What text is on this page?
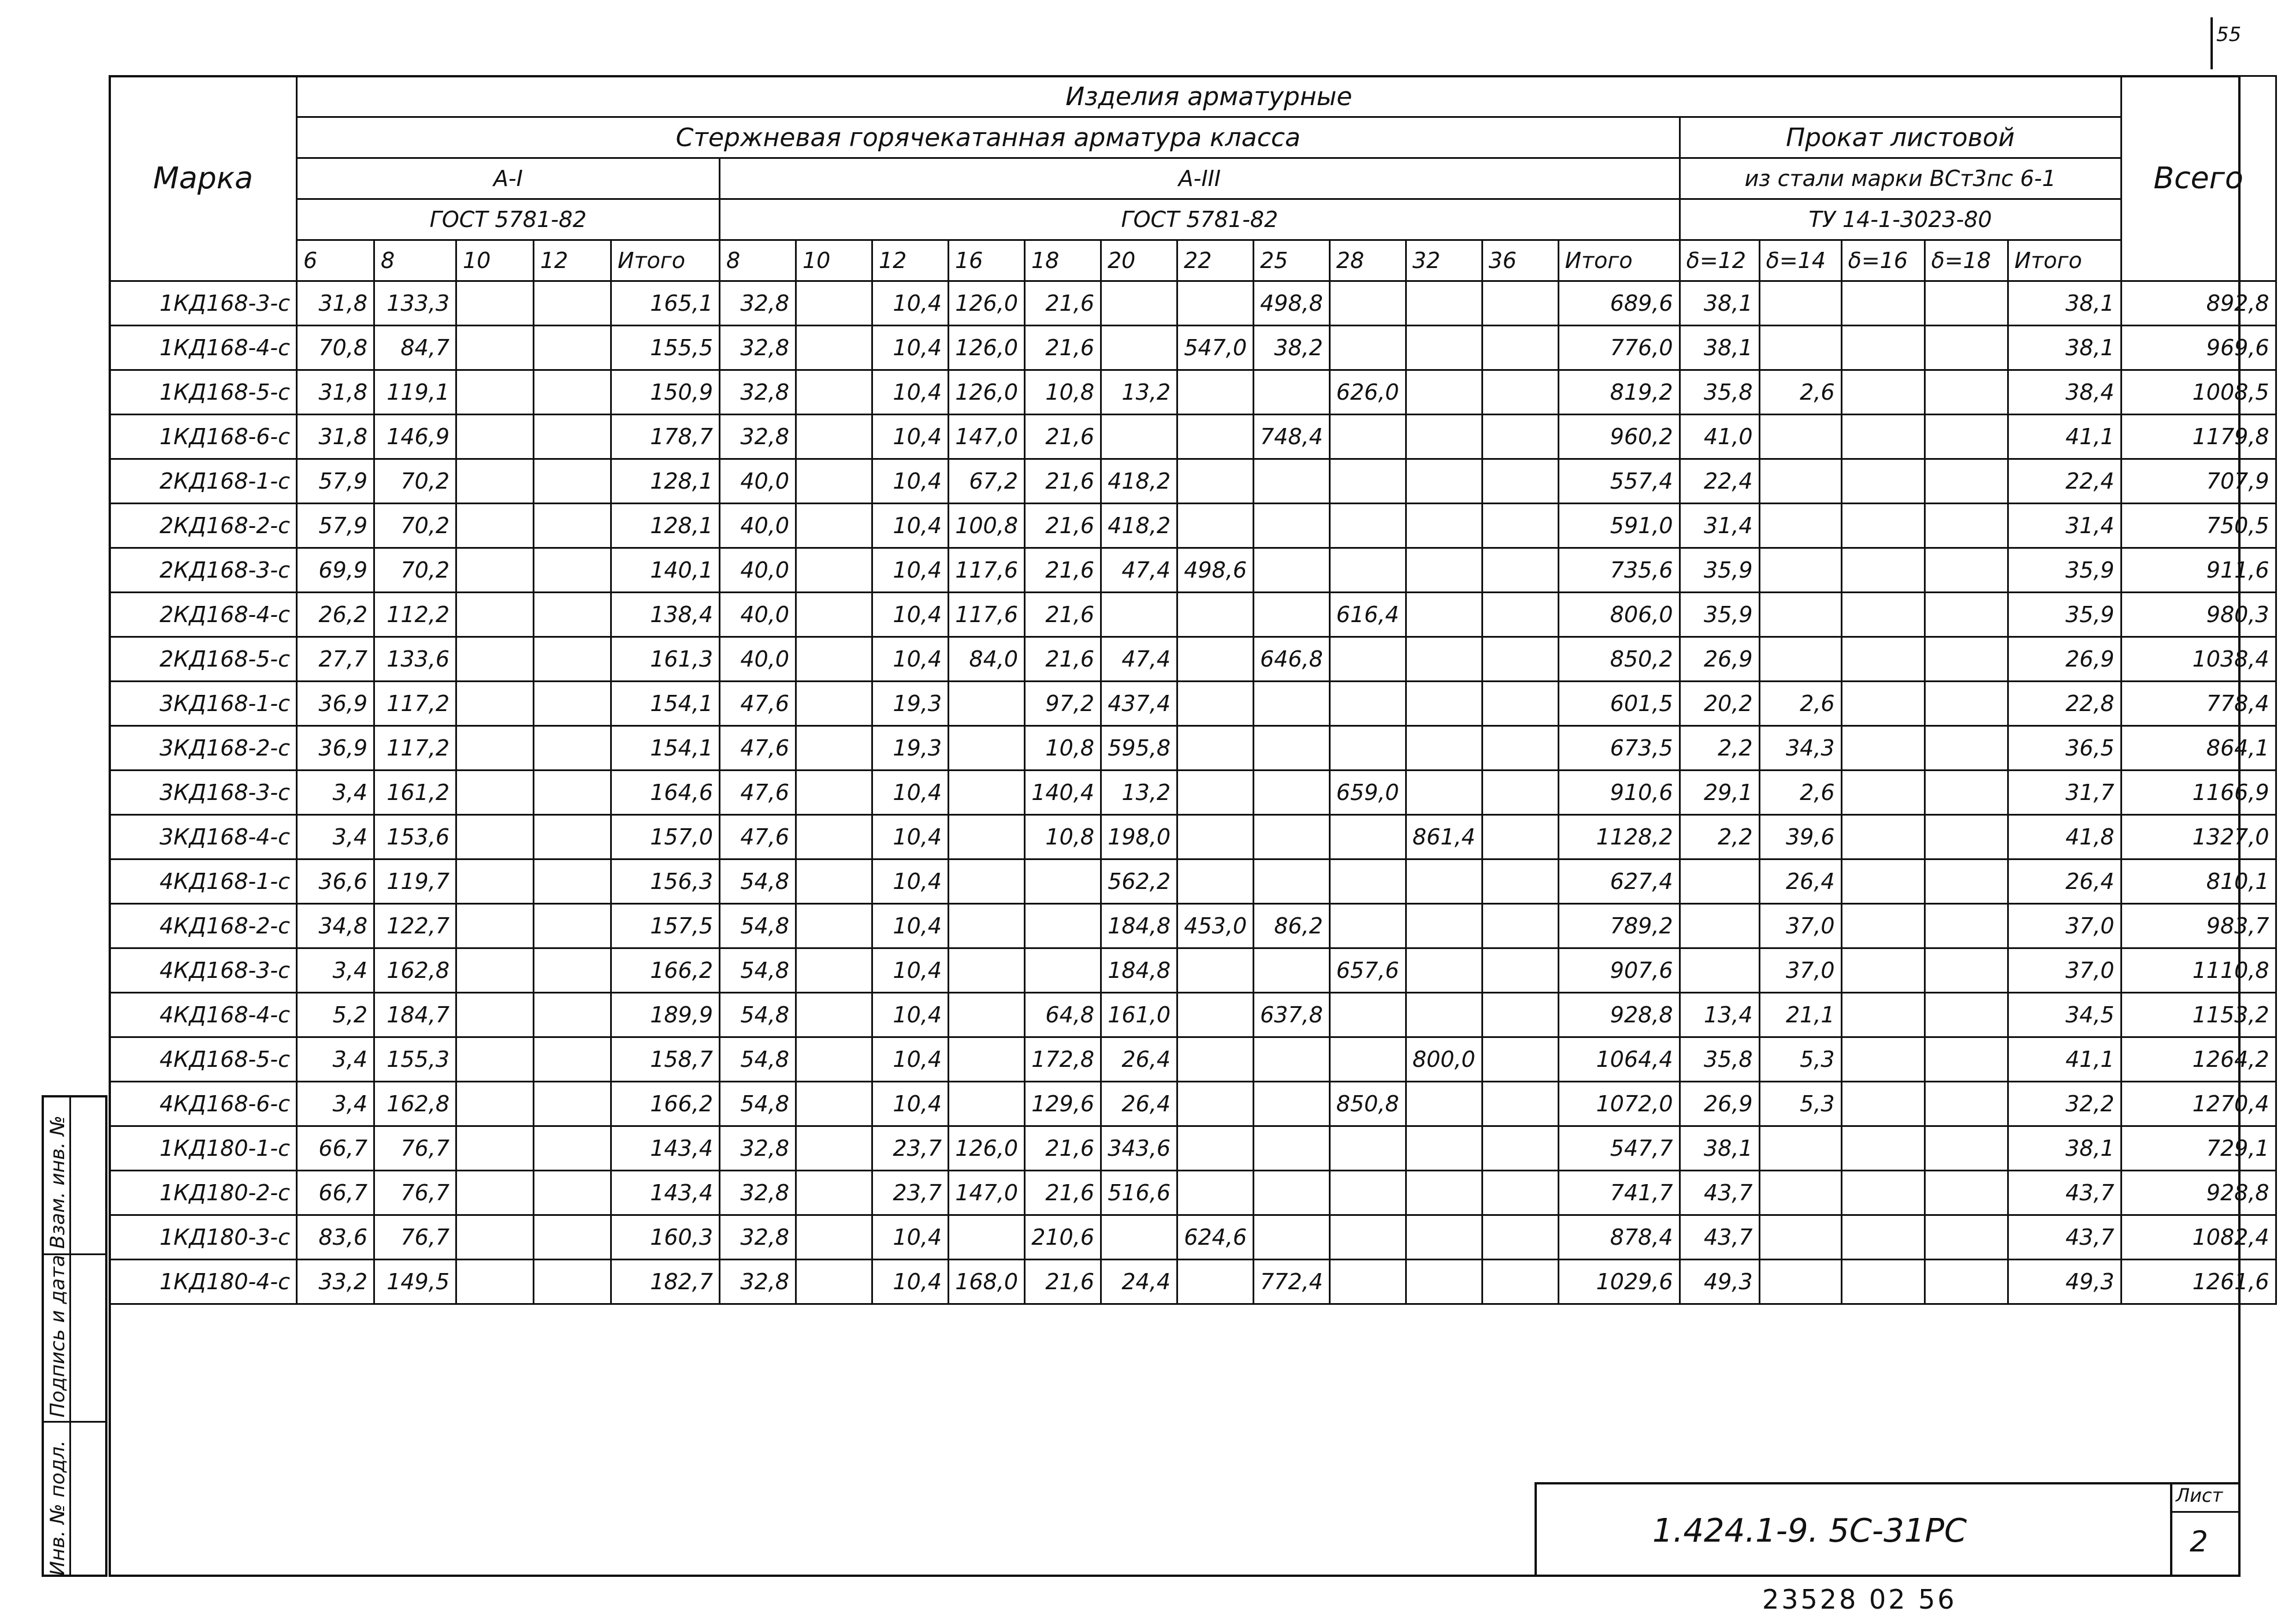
55
Марка	Изделия арматурные																						Всего
	Стержневая горячекатанная арматура класса																	Прокат листовой					
	А-I					А-III												из стали марки ВСт3пс 6-1					
	ГОСТ 5781-82					ГОСТ 5781-82												ТУ 14-1-3023-80					
	6	8	10	12	Итого	8	10	12	16	18	20	22	25	28	32	36	Итого	δ=12	δ=14	δ=16	δ=18	Итого	
1КД168-3-с	31,8	133,3			165,1	32,8		10,4	126,0	21,6			498,8				689,6	38,1				38,1	892,8
1КД168-4-с	70,8	84,7			155,5	32,8		10,4	126,0	21,6		547,0	38,2				776,0	38,1				38,1	969,6
1КД168-5-с	31,8	119,1			150,9	32,8		10,4	126,0	10,8	13,2			626,0			819,2	35,8	2,6			38,4	1008,5
1КД168-6-с	31,8	146,9			178,7	32,8		10,4	147,0	21,6			748,4				960,2	41,0				41,1	1179,8
2КД168-1-с	57,9	70,2			128,1	40,0		10,4	67,2	21,6	418,2						557,4	22,4				22,4	707,9
2КД168-2-с	57,9	70,2			128,1	40,0		10,4	100,8	21,6	418,2						591,0	31,4				31,4	750,5
2КД168-3-с	69,9	70,2			140,1	40,0		10,4	117,6	21,6	47,4	498,6					735,6	35,9				35,9	911,6
2КД168-4-с	26,2	112,2			138,4	40,0		10,4	117,6	21,6				616,4			806,0	35,9				35,9	980,3
2КД168-5-с	27,7	133,6			161,3	40,0		10,4	84,0	21,6	47,4		646,8				850,2	26,9				26,9	1038,4
3КД168-1-с	36,9	117,2			154,1	47,6		19,3		97,2	437,4						601,5	20,2	2,6			22,8	778,4
3КД168-2-с	36,9	117,2			154,1	47,6		19,3		10,8	595,8						673,5	2,2	34,3			36,5	864,1
3КД168-3-с	3,4	161,2			164,6	47,6		10,4		140,4	13,2			659,0			910,6	29,1	2,6			31,7	1166,9
3КД168-4-с	3,4	153,6			157,0	47,6		10,4		10,8	198,0				861,4		1128,2	2,2	39,6			41,8	1327,0
4КД168-1-с	36,6	119,7			156,3	54,8		10,4			562,2						627,4		26,4			26,4	810,1
4КД168-2-с	34,8	122,7			157,5	54,8		10,4			184,8	453,0	86,2				789,2		37,0			37,0	983,7
4КД168-3-с	3,4	162,8			166,2	54,8		10,4			184,8			657,6			907,6		37,0			37,0	1110,8
4КД168-4-с	5,2	184,7			189,9	54,8		10,4		64,8	161,0		637,8				928,8	13,4	21,1			34,5	1153,2
4КД168-5-с	3,4	155,3			158,7	54,8		10,4		172,8	26,4				800,0		1064,4	35,8	5,3			41,1	1264,2
4КД168-6-с	3,4	162,8			166,2	54,8		10,4		129,6	26,4			850,8			1072,0	26,9	5,3			32,2	1270,4
1КД180-1-с	66,7	76,7			143,4	32,8		23,7	126,0	21,6	343,6						547,7	38,1				38,1	729,1
1КД180-2-с	66,7	76,7			143,4	32,8		23,7	147,0	21,6	516,6						741,7	43,7				43,7	928,8
1КД180-3-с	83,6	76,7			160,3	32,8		10,4		210,6		624,6					878,4	43,7				43,7	1082,4
1КД180-4-с	33,2	149,5			182,7	32,8		10,4	168,0	21,6	24,4		772,4				1029,6	49,3				49,3	1261,6
Инв. № подл.
Подпись и дата
Взам. инв. №
1.424.1-9. 5С-31РС
Лист
2
23528 02 56
